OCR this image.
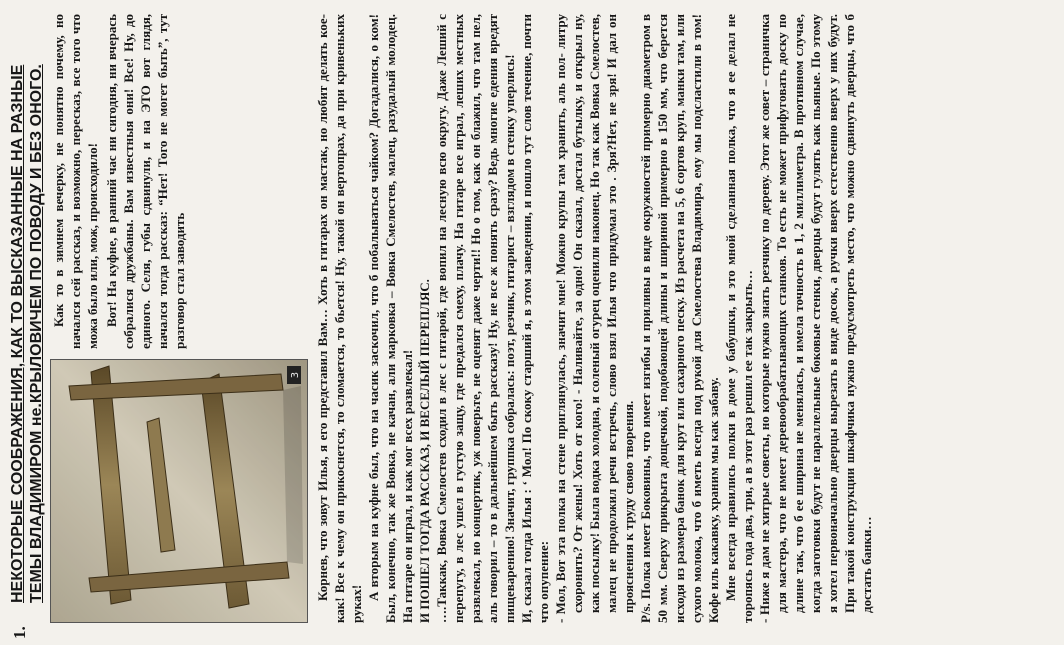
1.
НЕКОТОРЫЕ СООБРАЖЕНИЯ, КАК ТО ВЫСКАЗАННЫЕ НА РАЗНЫЕ ТЕМЫ ВЛАДИМИРОМ не.КРЫЛОВИЧЕМ ПО ПОВОДУ И БЕЗ ОНОГО.	3

Как то в зимнем вечерку, не понятно почему, но начался сей рассказ, и возможно, пересказ, все того что можа было или, мож, происходило! Вот! На куфне, в ранний час ни сигодня, ни вчерась собралися дружбаны. Вам известныя они! Все! Ну, до единого. Селя, губы сдвинули, и на ЭТО вот глядя, начался тогда рассказ: “Нет! Того не могет быть”, тут разговор стал заводить	Корнев, что зовут Илья, я его представил Вам… Хоть в гитарах он мастак, но любит делать кое- как! Все к чему он прикоснется, то сломается, то бьется! Ну, такой он вертопрах, да при кривеньких руках!

А вторым на куфне был, что на часик заскочил, что б побалываться чайком? Догадалися, о ком! Был, конечно, так же Вовка, не качан, али марковка – Вовка Смелостев, малец, разудалый молодец. На гитаре он играл, и как мог всех развлекал! И ПОШЕЛ ТОГДА РАССКАЗ, И ВЕСЕЛЫЙ ПЕРЕПЛЯС. ….Таккак, Вовка Смелостев сходил в лес с гитарой, где вопил на лесную всю округу. Даже Леший с перепугу, в лес ушел в густую защу, где предался смеху, плачу. На гитаре все играл, леших местных развлекал, но концертик, уж поверьте, не оценят даже черти!! Но о том, как он блажил, что там пел, аль говорил – то в дальнейшем быть рассказу! Ну, не все ж понять сразу? Ведь многие едения вредят пищеварению! Значит, группка собралась: поэт, резчик, гитарист – взглядом в стенку уперлись! И, сказал тогда Илья : ‘ Мол! По скоку старший я, в этом заведении, и пошло тут слов течение, почти что опупение: - Мол, Вот эта полка на стене приглянулась, значит мне! Можно крупы там хранить, аль пол- литру схоронить? От жены! Хоть от кого! - Наливайте, за одно! Он сказал, достал бутылку, и открыл ну, как посылку! Была водка холодна, и соленый огурец оценили наконец. Но так как Вовка Смелостев, малец не продолжил речи встречь, слово взял Илья что придумал это . Зря?Нет, не зря! И дал он прояснения к труду свово творения. P/s. Полка имеет Боковины, что имеет изгибы и приливы в виде окружностей примерно диаметром в 50 мм. Сверху прикрыта дощечкой, подобающей длины и шириной примерно в 150 мм, что берется исходя из размера банок для крут или сахарного песку. Из расчета на 5, 6 сортов круп, манки там, или сухого молока, что б иметь всегда под рукой для Смелостева Владимира, ему мы подсластили в том! Кофе иль какавку, храним мы как забаву. Мне всегда нравились полки в доме у бабушки, и это мной сделанная полка, что я ее делал не торопясь года два, три, а в этот раз решил ее так закрыть… - Ниже я дам не хитрые советы, но которые нужно знать резчику по дереву. Этот же совет – страничка для мастера, что не имеет деревообрабатывающих станков. То есть не может прифуговать доску по длине так, что б ее ширина не менялась, и имела точность в 1, 2 миллиметра. В противном случае, когда заготовки будут не параллельные боковые стенки, дверцы будут гулять как пьяные. По этому я хотел первоначально дверцы вырезать в виде досок, а ручки вверх естественно вверх у них будут. При такой конструкции шкафчика нужно предусмотреть место, что можно сдвинуть дверцы, что б достать банки…
